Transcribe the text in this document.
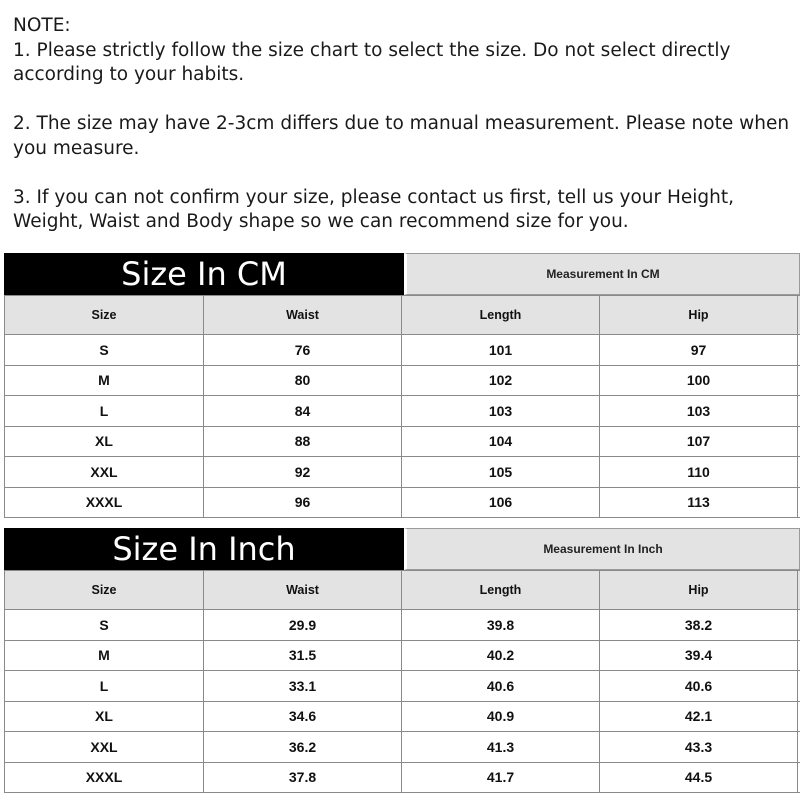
NOTE:

1. Please strictly follow the size chart to select the size. Do not select directly according to your habits.

2. The size may have 2-3cm differs due to manual measurement. Please note when you measure.

3. If you can not confirm your size, please contact us first, tell us your Height, Weight, Waist and Body shape so we can recommend size for you.

Size In CM	Measurement In CM
Size	Waist	Length	Hip	
S	76	101	97	
M	80	102	100	
L	84	103	103	
XL	88	104	107	
XXL	92	105	110	
XXXL	96	106	113	
Size In Inch	Measurement In Inch
Size	Waist	Length	Hip	
S	29.9	39.8	38.2	
M	31.5	40.2	39.4	
L	33.1	40.6	40.6	
XL	34.6	40.9	42.1	
XXL	36.2	41.3	43.3	
XXXL	37.8	41.7	44.5	
